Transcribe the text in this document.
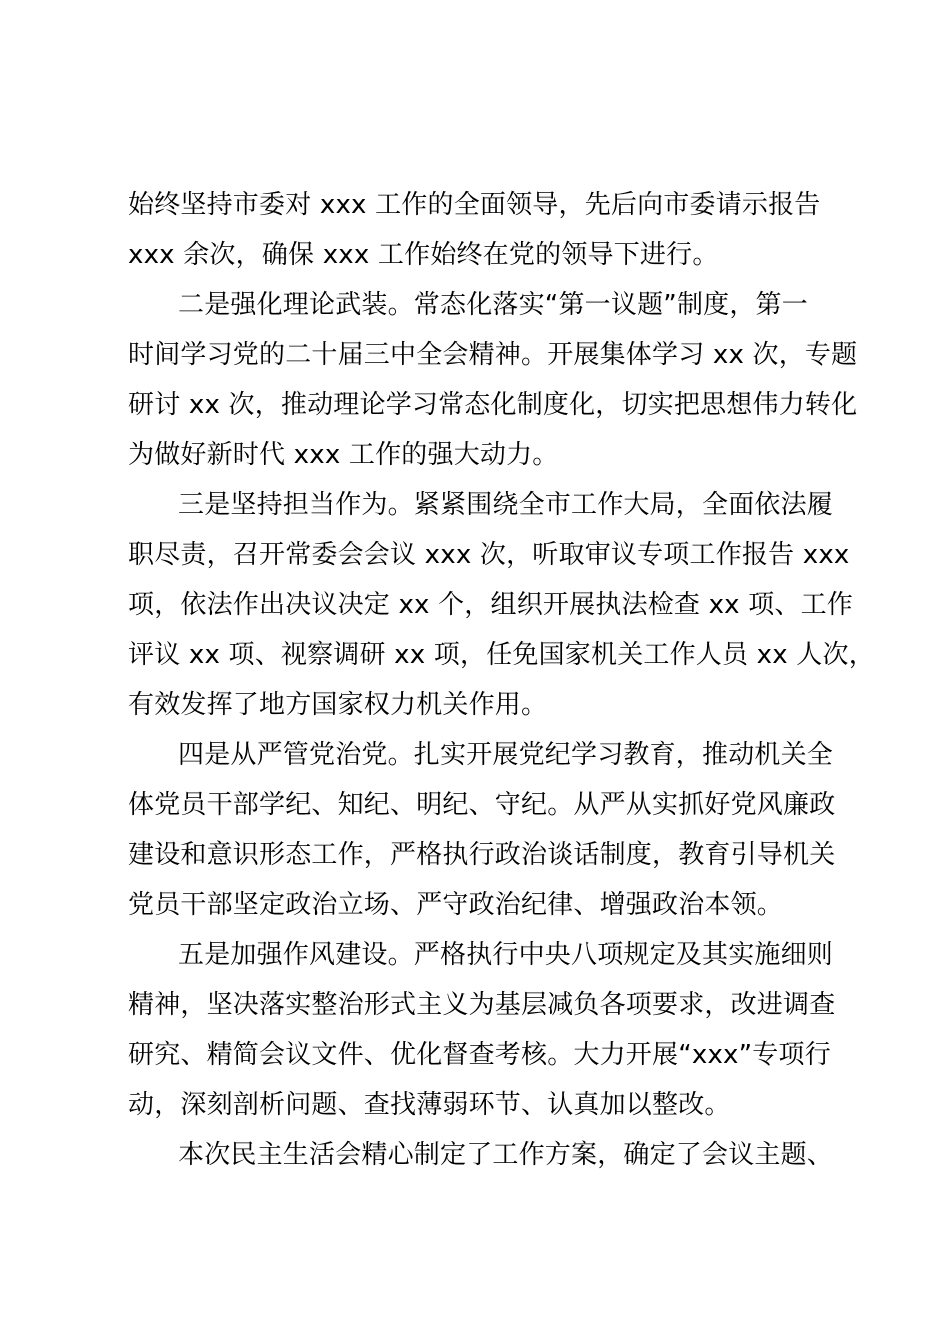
始终坚持市委对 xxx 工作的全面领导，先后向市委请示报告
xxx 余次，确保 xxx 工作始终在党的领导下进行。
二是强化理论武装。常态化落实“第一议题”制度，第一
时间学习党的二十届三中全会精神。开展集体学习 xx 次，专题
研讨 xx 次，推动理论学习常态化制度化，切实把思想伟力转化
为做好新时代 xxx 工作的强大动力。
三是坚持担当作为。紧紧围绕全市工作大局，全面依法履
职尽责，召开常委会会议 xxx 次，听取审议专项工作报告 xxx
项，依法作出决议决定 xx 个，组织开展执法检查 xx 项、工作
评议 xx 项、视察调研 xx 项，任免国家机关工作人员 xx 人次，
有效发挥了地方国家权力机关作用。
四是从严管党治党。扎实开展党纪学习教育，推动机关全
体党员干部学纪、知纪、明纪、守纪。从严从实抓好党风廉政
建设和意识形态工作，严格执行政治谈话制度，教育引导机关
党员干部坚定政治立场、严守政治纪律、增强政治本领。
五是加强作风建设。严格执行中央八项规定及其实施细则
精神，坚决落实整治形式主义为基层减负各项要求，改进调查
研究、精简会议文件、优化督查考核。大力开展“xxx”专项行
动，深刻剖析问题、查找薄弱环节、认真加以整改。
本次民主生活会精心制定了工作方案，确定了会议主题、
